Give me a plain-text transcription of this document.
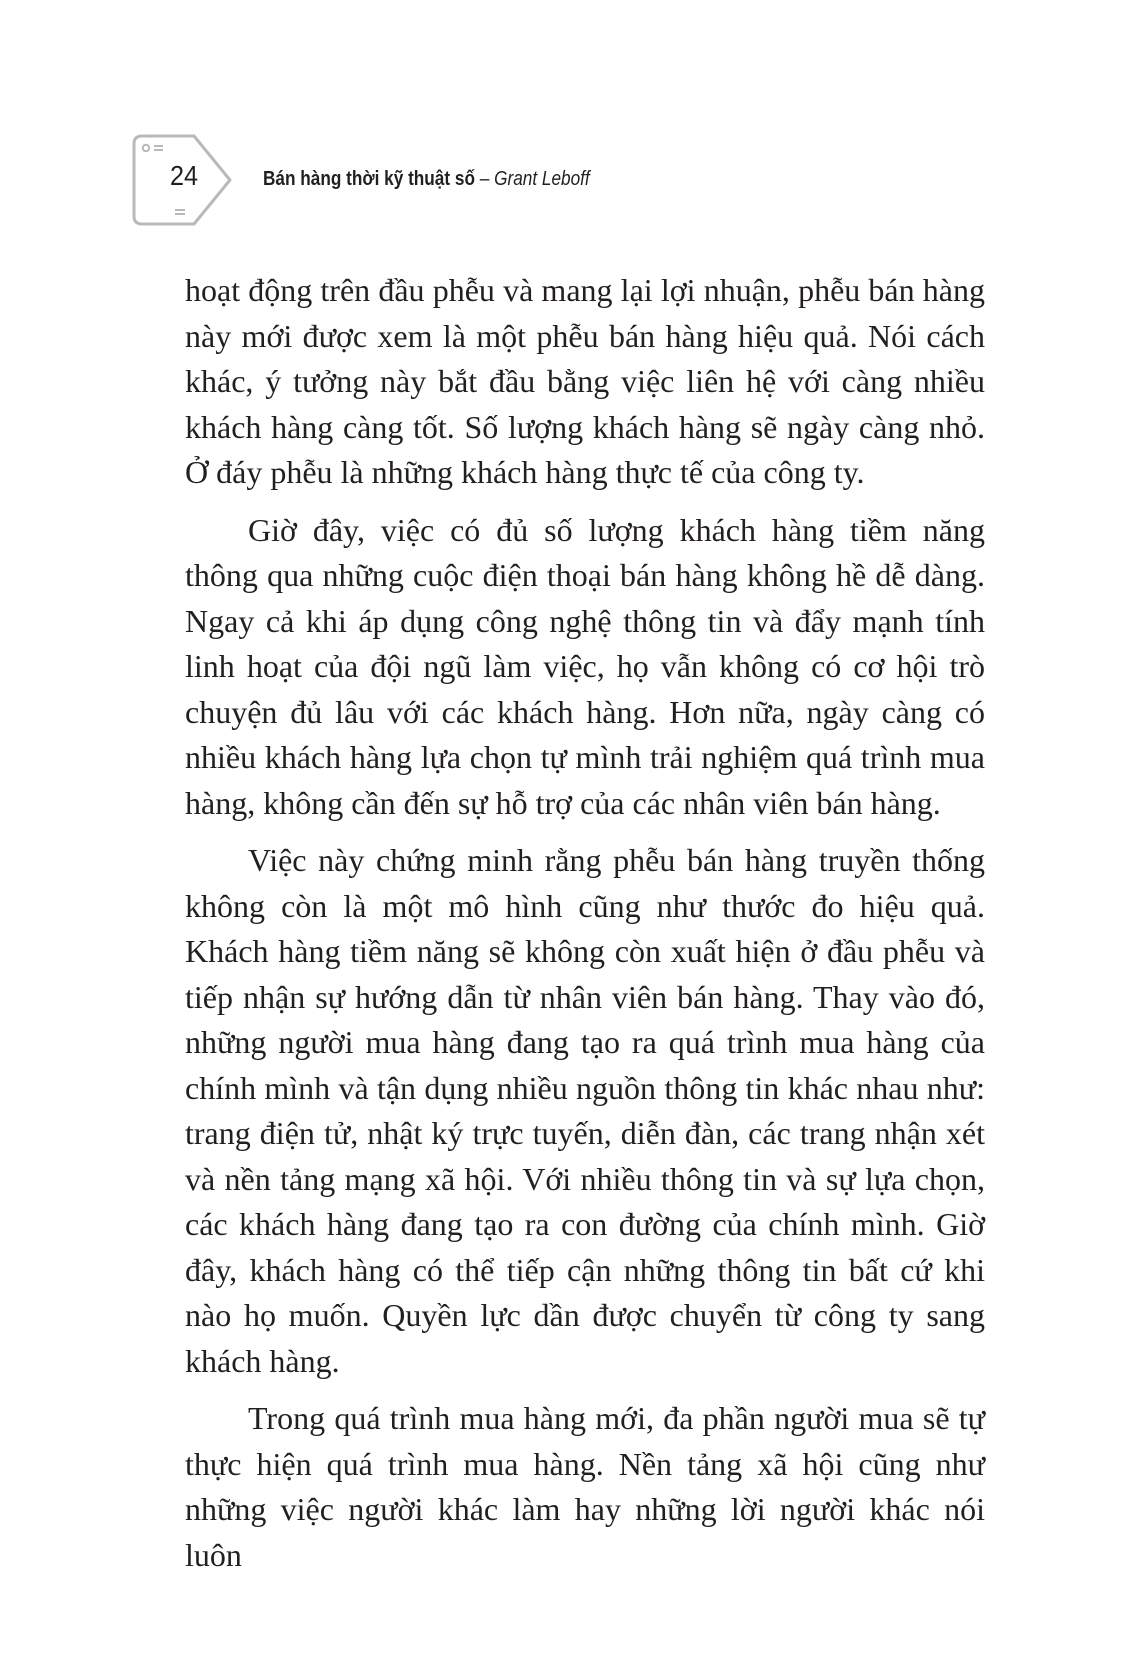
24	Bán hàng thời kỹ thuật số – Grant Leboff

hoạt động trên đầu phễu và mang lại lợi nhuận, phễu bán hàng này mới được xem là một phễu bán hàng hiệu quả. Nói cách khác, ý tưởng này bắt đầu bằng việc liên hệ với càng nhiều khách hàng càng tốt. Số lượng khách hàng sẽ ngày càng nhỏ. Ở đáy phễu là những khách hàng thực tế của công ty.

Giờ đây, việc có đủ số lượng khách hàng tiềm năng thông qua những cuộc điện thoại bán hàng không hề dễ dàng. Ngay cả khi áp dụng công nghệ thông tin và đẩy mạnh tính linh hoạt của đội ngũ làm việc, họ vẫn không có cơ hội trò chuyện đủ lâu với các khách hàng. Hơn nữa, ngày càng có nhiều khách hàng lựa chọn tự mình trải nghiệm quá trình mua hàng, không cần đến sự hỗ trợ của các nhân viên bán hàng.

Việc này chứng minh rằng phễu bán hàng truyền thống không còn là một mô hình cũng như thước đo hiệu quả. Khách hàng tiềm năng sẽ không còn xuất hiện ở đầu phễu và tiếp nhận sự hướng dẫn từ nhân viên bán hàng. Thay vào đó, những người mua hàng đang tạo ra quá trình mua hàng của chính mình và tận dụng nhiều nguồn thông tin khác nhau như: trang điện tử, nhật ký trực tuyến, diễn đàn, các trang nhận xét và nền tảng mạng xã hội. Với nhiều thông tin và sự lựa chọn, các khách hàng đang tạo ra con đường của chính mình. Giờ đây, khách hàng có thể tiếp cận những thông tin bất cứ khi nào họ muốn. Quyền lực dần được chuyển từ công ty sang khách hàng.

Trong quá trình mua hàng mới, đa phần người mua sẽ tự thực hiện quá trình mua hàng. Nền tảng xã hội cũng như những việc người khác làm hay những lời người khác nói luôn
